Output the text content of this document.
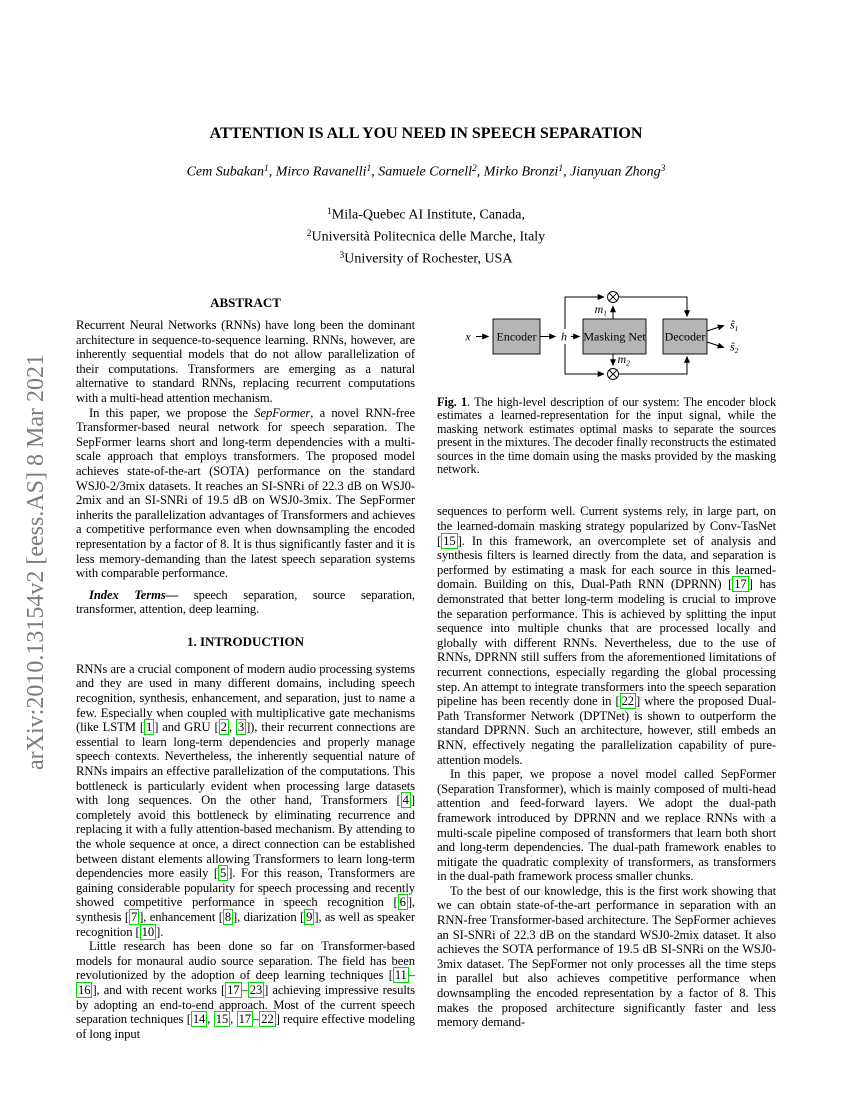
arXiv:2010.13154v2 [eess.AS] 8 Mar 2021
ATTENTION IS ALL YOU NEED IN SPEECH SEPARATION
Cem Subakan$^1$, Mirco Ravanelli$^1$, Samuele Cornell$^2$, Mirko Bronzi$^1$, Jianyuan Zhong$^3$
$^1$Mila-Quebec AI Institute, Canada,
$^2$Università Politecnica delle Marche, Italy
$^3$University of Rochester, USA
ABSTRACT

Recurrent Neural Networks (RNNs) have long been the dominant architecture in sequence-to-sequence learning. RNNs, however, are inherently sequential models that do not allow parallelization of their computations. Transformers are emerging as a natural alternative to standard RNNs, replacing recurrent computations with a multi-head attention mechanism.

In this paper, we propose the SepFormer, a novel RNN-free Transformer-based neural network for speech separation. The SepFormer learns short and long-term dependencies with a multi-scale approach that employs transformers. The proposed model achieves state-of-the-art (SOTA) performance on the standard WSJ0-2/3mix datasets. It reaches an SI-SNRi of 22.3 dB on WSJ0-2mix and an SI-SNRi of 19.5 dB on WSJ0-3mix. The SepFormer inherits the parallelization advantages of Transformers and achieves a competitive performance even when downsampling the encoded representation by a factor of 8. It is thus significantly faster and it is less memory-demanding than the latest speech separation systems with comparable performance.

Index Terms— speech separation, source separation, transformer, attention, deep learning.

1. INTRODUCTION

RNNs are a crucial component of modern audio processing systems and they are used in many different domains, including speech recognition, synthesis, enhancement, and separation, just to name a few. Especially when coupled with multiplicative gate mechanisms (like LSTM [ 1 ] and GRU [ 2 , 3 ]), their recurrent connections are essential to learn long-term dependencies and properly manage speech contexts. Nevertheless, the inherently sequential nature of RNNs impairs an effective parallelization of the computations. This bottleneck is particularly evident when processing large datasets with long sequences. On the other hand, Transformers [ 4 ] completely avoid this bottleneck by eliminating recurrence and replacing it with a fully attention-based mechanism. By attending to the whole sequence at once, a direct connection can be established between distant elements allowing Transformers to learn long-term dependencies more easily [ 5 ]. For this reason, Transformers are gaining considerable popularity for speech processing and recently showed competitive performance in speech recognition [ 6 ], synthesis [ 7 ], enhancement [ 8 ], diarization [ 9 ], as well as speaker recognition [ 10 ].

Little research has been done so far on Transformer-based models for monaural audio source separation. The field has been revolutionized by the adoption of deep learning techniques [ 11 –16 ], and with recent works [ 17 – 23 ] achieving impressive results by adopting an end-to-end approach. Most of the current speech separation techniques [ 14 , 15 , 17 – 22 ] require effective modeling of long input

x Encoder h Masking Net Decoder
$m_1$
$m_2$
$ŝ_1$
$ŝ_2$
Fig. 1. The high-level description of our system: The encoder block estimates a learned-representation for the input signal, while the masking network estimates optimal masks to separate the sources present in the mixtures. The decoder finally reconstructs the estimated sources in the time domain using the masks provided by the masking network.

sequences to perform well. Current systems rely, in large part, on the learned-domain masking strategy popularized by Conv-TasNet [ 15 ]. In this framework, an overcomplete set of analysis and synthesis filters is learned directly from the data, and separation is performed by estimating a mask for each source in this learned-domain. Building on this, Dual-Path RNN (DPRNN) [ 17 ] has demonstrated that better long-term modeling is crucial to improve the separation performance. This is achieved by splitting the input sequence into multiple chunks that are processed locally and globally with different RNNs. Nevertheless, due to the use of RNNs, DPRNN still suffers from the aforementioned limitations of recurrent connections, especially regarding the global processing step. An attempt to integrate transformers into the speech separation pipeline has been recently done in [ 22 ] where the proposed Dual-Path Transformer Network (DPTNet) is shown to outperform the standard DPRNN. Such an architecture, however, still embeds an RNN, effectively negating the parallelization capability of pure-attention models.

In this paper, we propose a novel model called SepFormer (Separation Transformer), which is mainly composed of multi-head attention and feed-forward layers. We adopt the dual-path framework introduced by DPRNN and we replace RNNs with a multi-scale pipeline composed of transformers that learn both short and long-term dependencies. The dual-path framework enables to mitigate the quadratic complexity of transformers, as transformers in the dual-path framework process smaller chunks.

To the best of our knowledge, this is the first work showing that we can obtain state-of-the-art performance in separation with an RNN-free Transformer-based architecture. The SepFormer achieves an SI-SNRi of 22.3 dB on the standard WSJ0-2mix dataset. It also achieves the SOTA performance of 19.5 dB SI-SNRi on the WSJ0-3mix dataset. The SepFormer not only processes all the time steps in parallel but also achieves competitive performance when downsampling the encoded representation by a factor of 8. This makes the proposed architecture significantly faster and less memory demand-
